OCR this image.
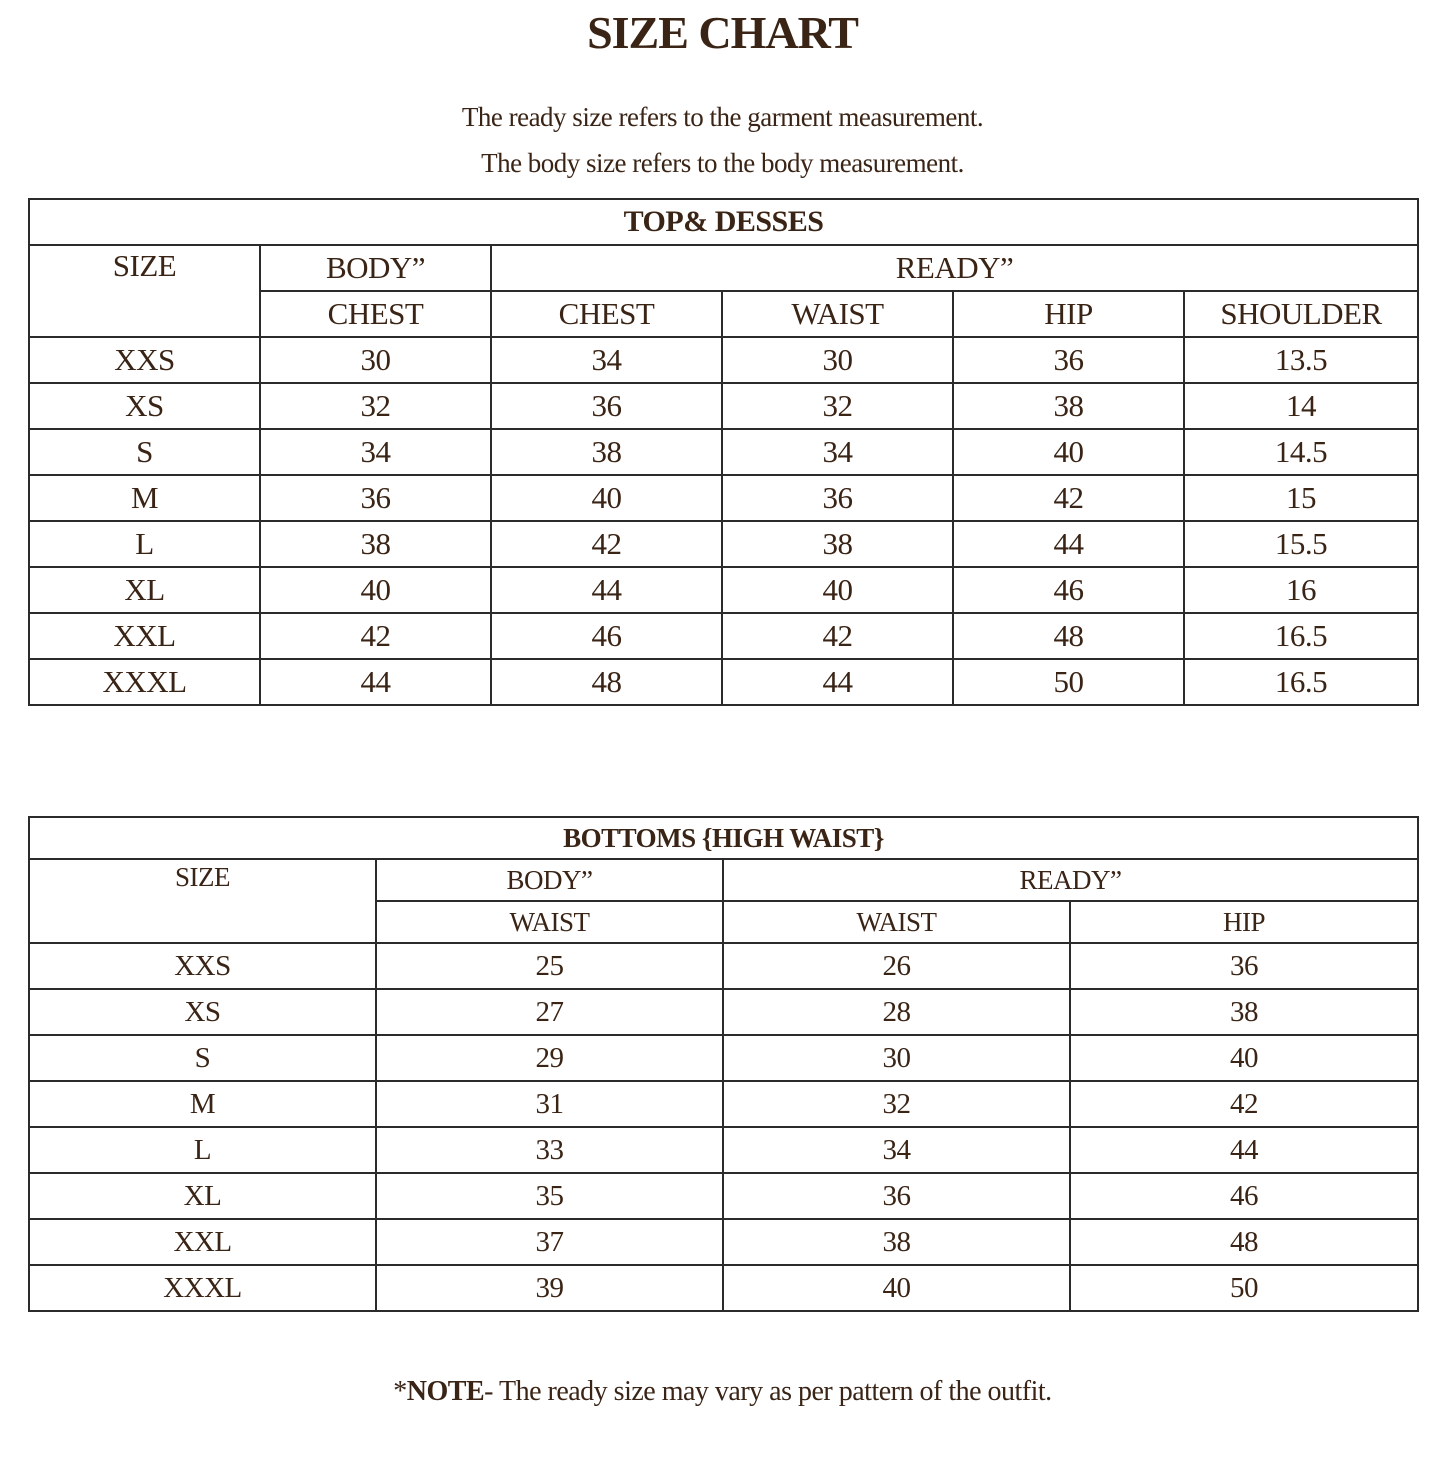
SIZE CHART
The ready size refers to the garment measurement.
The body size refers to the body measurement.
TOP& DESSES					
SIZE	BODY”	READY”			
	CHEST	CHEST	WAIST	HIP	SHOULDER
XXS	30	34	30	36	13.5
XS	32	36	32	38	14
S	34	38	34	40	14.5
M	36	40	36	42	15
L	38	42	38	44	15.5
XL	40	44	40	46	16
XXL	42	46	42	48	16.5
XXXL	44	48	44	50	16.5
BOTTOMS {HIGH WAIST}			
SIZE	BODY”	READY”	
	WAIST	WAIST	HIP
XXS	25	26	36
XS	27	28	38
S	29	30	40
M	31	32	42
L	33	34	44
XL	35	36	46
XXL	37	38	48
XXXL	39	40	50
*NOTE- The ready size may vary as per pattern of the outfit.
